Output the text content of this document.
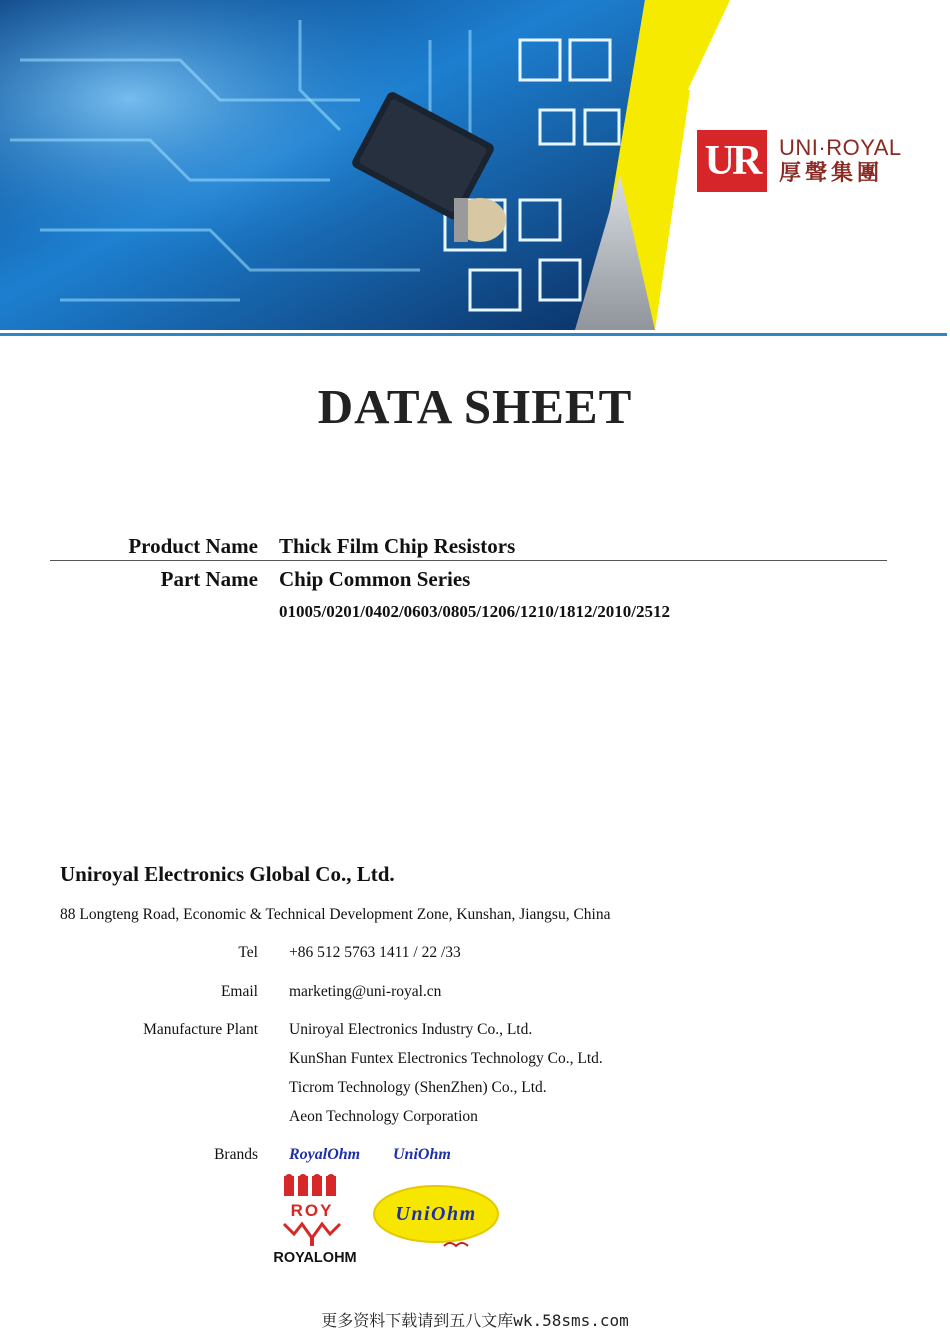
UR UNI·ROYAL
厚聲集團
DATA SHEET
Product Name Thick Film Chip Resistors
Part Name Chip Common Series
01005/0201/0402/0603/0805/1206/1210/1812/2010/2512
Uniroyal Electronics Global Co., Ltd.
88 Longteng Road, Economic & Technical Development Zone, Kunshan, Jiangsu, China
Tel +86 512 5763 1411 / 22 /33
Email marketing@uni-royal.cn
Manufacture Plant Uniroyal Electronics Industry Co., Ltd.
KunShan Funtex Electronics Technology Co., Ltd.
Ticrom Technology (ShenZhen) Co., Ltd.
Aeon Technology Corporation
Brands RoyalOhm UniOhm
ROY
ROYALOHM
UniOhm
更多资料下载请到五八文库wk.58sms.com
